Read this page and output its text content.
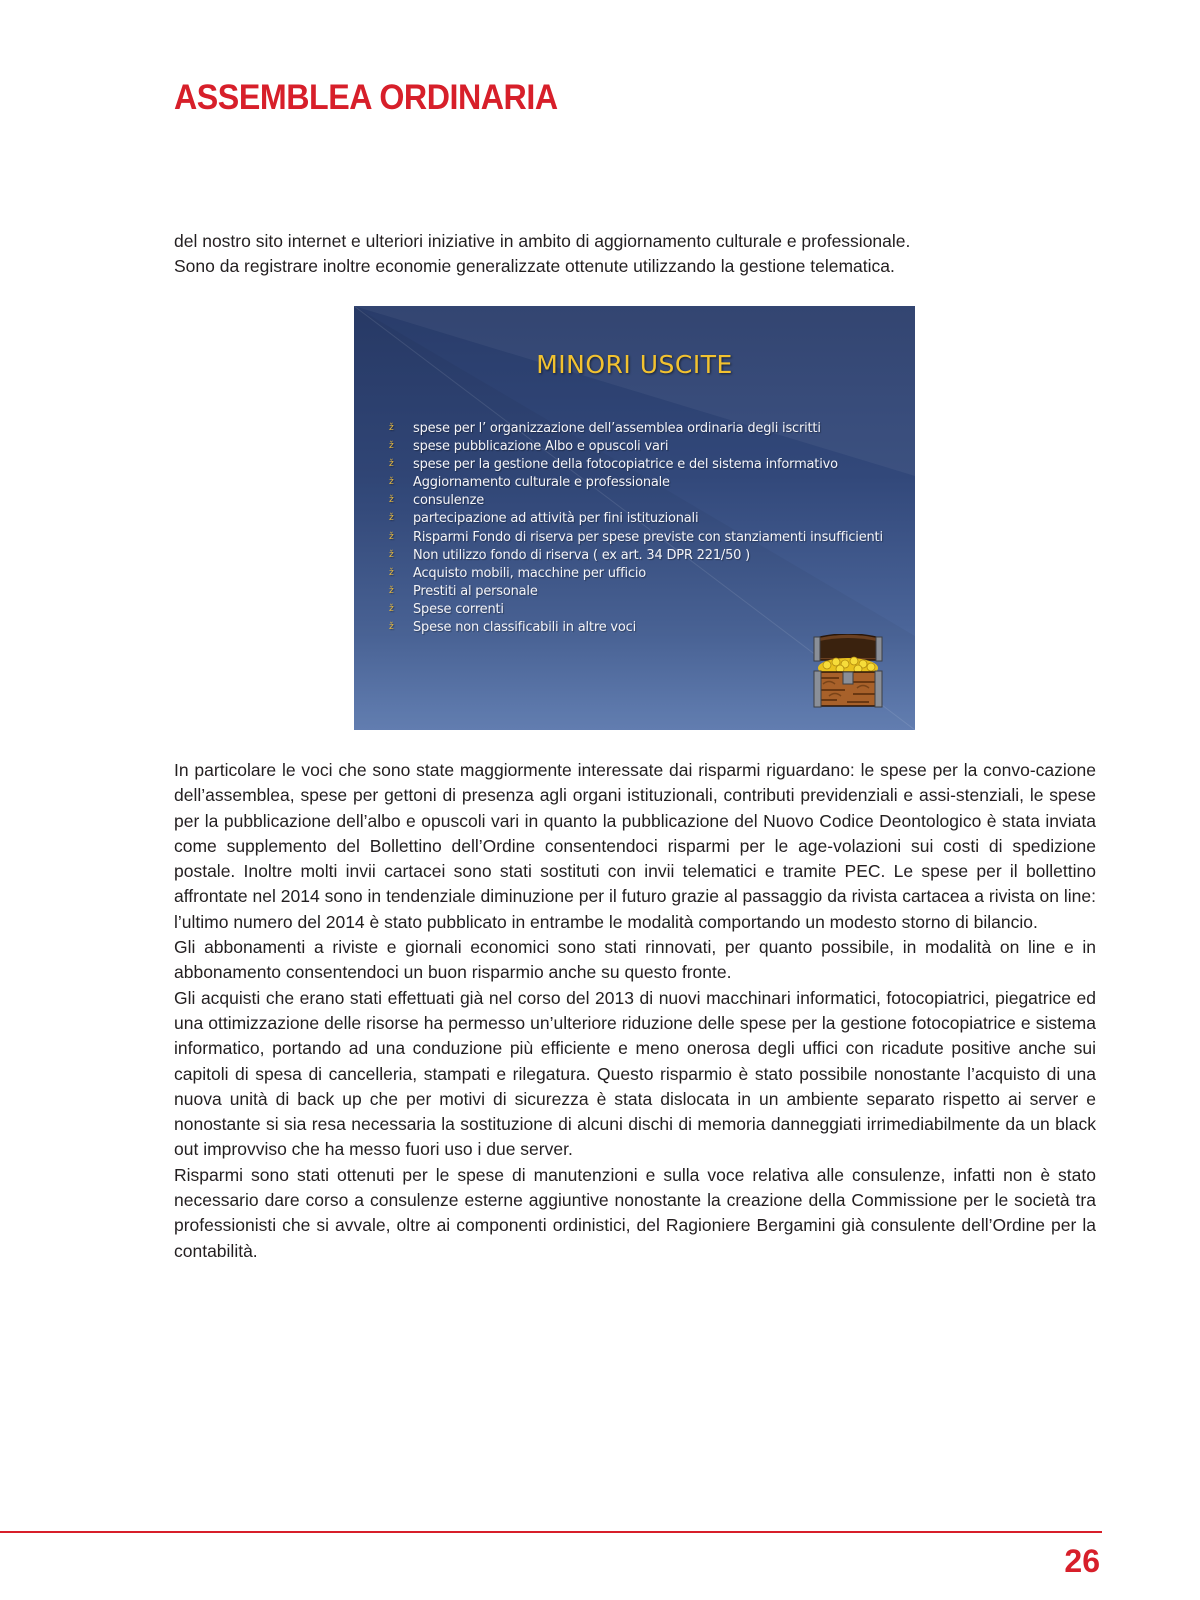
ASSEMBLEA ORDINARIA

del nostro sito internet e ulteriori iniziative in ambito di aggiornamento culturale e professionale.

Sono da registrare inoltre economie generalizzate ottenute utilizzando la gestione telematica.

MINORI USCITE
ž	spese per l’ organizzazione dell’assemblea ordinaria degli iscritti
ž	spese pubblicazione Albo e opuscoli vari
ž	spese per la gestione della fotocopiatrice e del sistema informativo
ž	Aggiornamento culturale e professionale
ž	consulenze
ž	partecipazione ad attività per fini istituzionali
ž	Risparmi Fondo di riserva per spese previste con stanziamenti insufficienti
ž	Non utilizzo fondo di riserva ( ex art. 34 DPR 221/50 )
ž	Acquisto mobili, macchine per ufficio
ž	Prestiti al personale
ž	Spese correnti
ž	Spese non classificabili in altre voci

In particolare le voci che sono state maggiormente interessate dai risparmi riguardano: le spese per la convo-cazione dell’assemblea, spese per gettoni di presenza agli organi istituzionali, contributi previdenziali e assi-stenziali, le spese per la pubblicazione dell’albo e opuscoli vari in quanto la pubblicazione del Nuovo Codice Deontologico è stata inviata come supplemento del Bollettino dell’Ordine consentendoci risparmi per le age-volazioni sui costi di spedizione postale. Inoltre molti invii cartacei sono stati sostituti con invii telematici e tramite PEC. Le spese per il bollettino affrontate nel 2014 sono in tendenziale diminuzione per il futuro grazie al passaggio da rivista cartacea a rivista on line: l’ultimo numero del 2014 è stato pubblicato in entrambe le modalità comportando un modesto storno di bilancio.

Gli abbonamenti a riviste e giornali economici sono stati rinnovati, per quanto possibile, in modalità on line e in abbonamento consentendoci un buon risparmio anche su questo fronte.

Gli acquisti che erano stati effettuati già nel corso del 2013 di nuovi macchinari informatici, fotocopiatrici, piegatrice ed una ottimizzazione delle risorse ha permesso un’ulteriore riduzione delle spese per la gestione fotocopiatrice e sistema informatico, portando ad una conduzione più efficiente e meno onerosa degli uffici con ricadute positive anche sui capitoli di spesa di cancelleria, stampati e rilegatura. Questo risparmio è stato possibile nonostante l’acquisto di una nuova unità di back up che per motivi di sicurezza è stata dislocata in un ambiente separato rispetto ai server e nonostante si sia resa necessaria la sostituzione di alcuni dischi di memoria danneggiati irrimediabilmente da un black out improvviso che ha messo fuori uso i due server.

Risparmi sono stati ottenuti per le spese di manutenzioni e sulla voce relativa alle consulenze, infatti non è stato necessario dare corso a consulenze esterne aggiuntive nonostante la creazione della Commissione per le società tra professionisti che si avvale, oltre ai componenti ordinistici, del Ragioniere Bergamini già consulente dell’Ordine per la contabilità.

26
